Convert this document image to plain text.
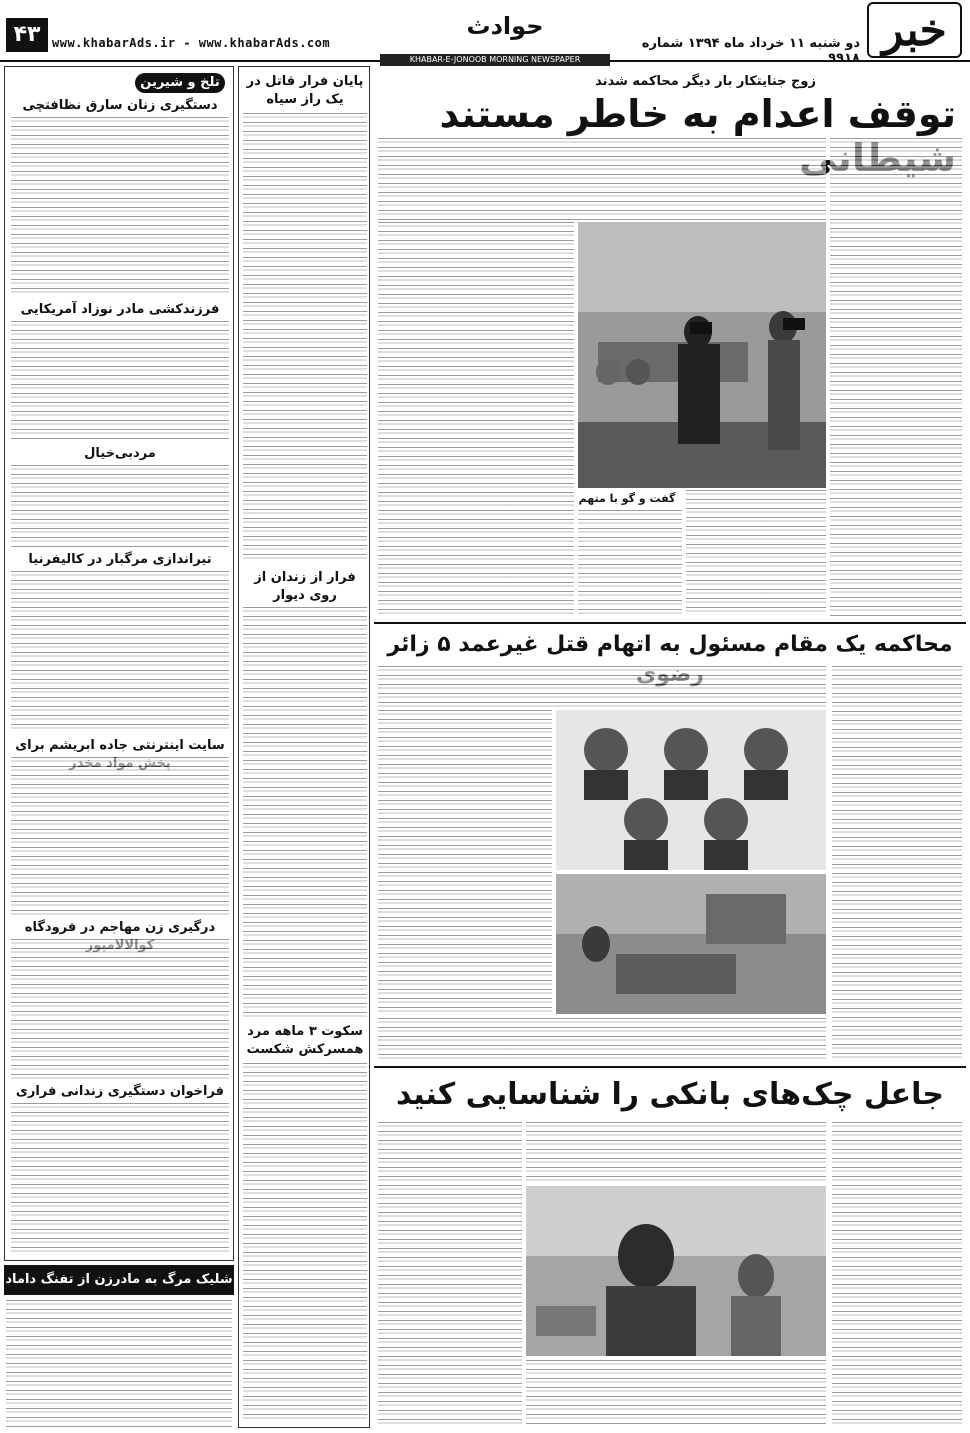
خبر
دو شنبه ۱۱ خرداد ماه ۱۳۹۴ شماره ۹۹۱۸
حوادث
۴۳ www.khabarAds.ir - www.khabarAds.com
KHABAR-E-JONOOB MORNING NEWSPAPER
تلخ و شیرین
دستگیری زنان سارق نظافتچی
فرزندکشی مادر نوزاد آمریکایی
مردبی‌خیال
تیراندازی مرگبار در کالیفرنیا
سایت اینترنتی جاده ابریشم برای
درگیری زن مهاجم در فرودگاه
فراخوان دستگیری زندانی فراری
شلیک مرگ به مادرزن از تفنگ داماد
پایان فرار قاتل در یک راز سیاه
فرار از زندان از روی دیوار
سکوت ۳ ماهه مرد همسر‌کش شکست
زوج جنایتکار بار دیگر محاکمه شدند
توقف اعدام به خاطر مستند
گفت و گو با متهم
محاکمه یک مقام مسئول به اتهام قتل غیرعمد ۵ زائر
جاعل چک‌های بانکی را شناسایی کنید
